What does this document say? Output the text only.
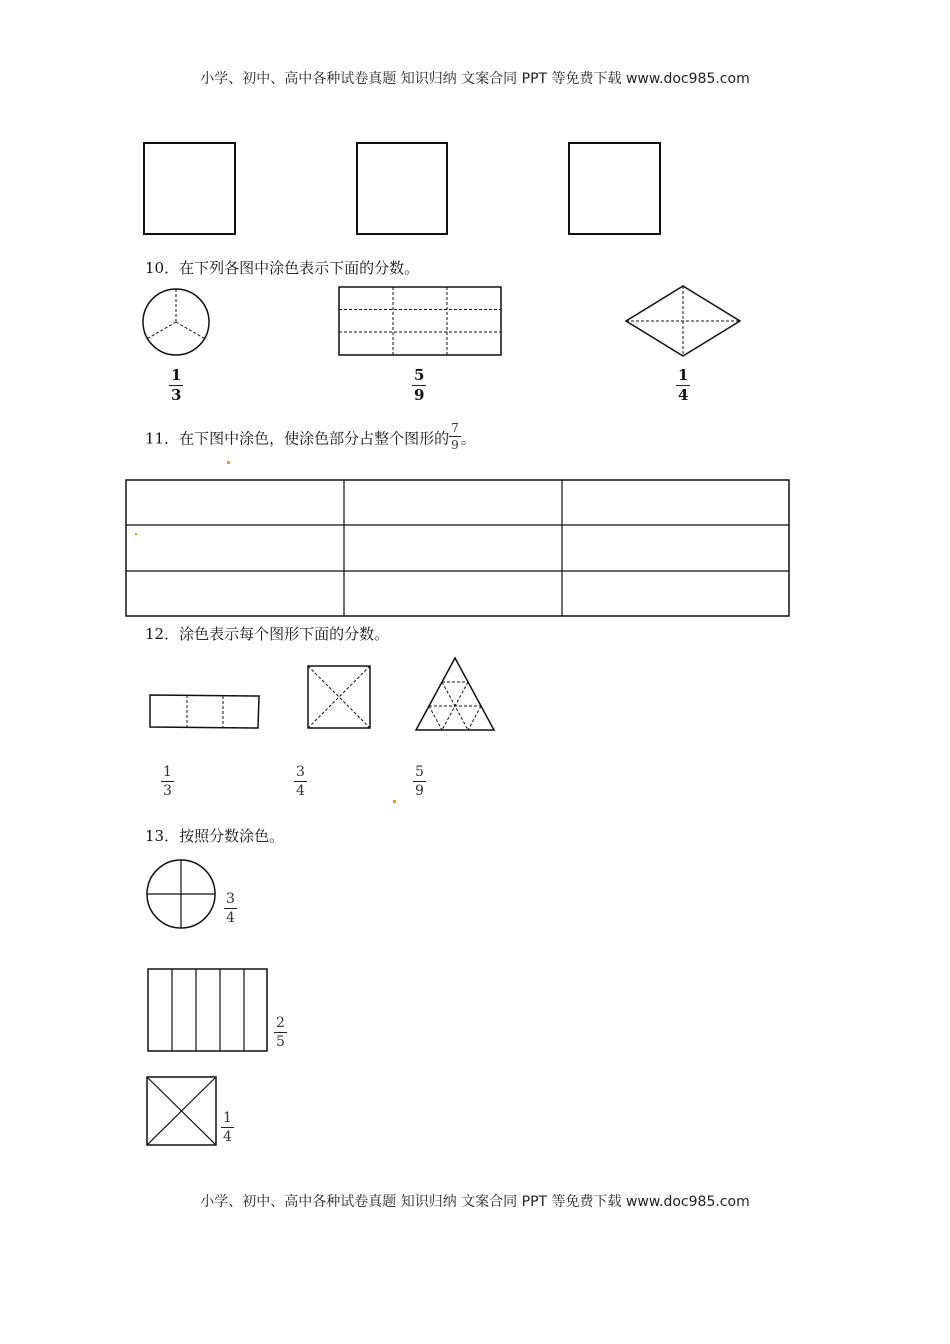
小学、初中、高中各种试卷真题 知识归纳 文案合同 PPT 等免费下载 www.doc985.com
10．在下列各图中涂色表示下面的分数。
1
3
5
9
1
4
11．在下图中涂色，使涂色部分占整个图形的 $\frac{7}{9}$ 。
12．涂色表示每个图形下面的分数。
1
3
3
4
5
9
13．按照分数涂色。
3
4
2
5
1
4
小学、初中、高中各种试卷真题 知识归纳 文案合同 PPT 等免费下载 www.doc985.com
